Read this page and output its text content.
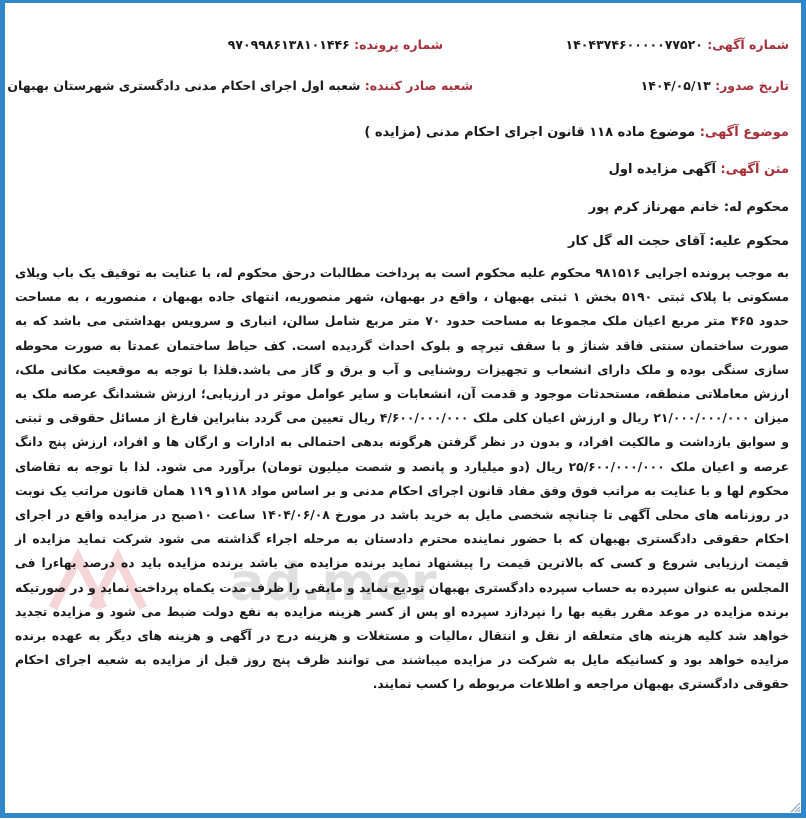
شماره آگهی: ۱۴۰۴۳۷۴۶۰۰۰۰۰۷۷۵۲۰
شماره پرونده: ۹۷۰۹۹۸۶۱۳۸۱۰۱۴۴۶
تاریخ صدور: ۱۴۰۴/۰۵/۱۳
شعبه صادر کننده: شعبه اول اجرای احکام مدنی دادگستری شهرستان بهبهان
موضوع آگهی: موضوع ماده ۱۱۸ قانون اجرای احکام مدنی (مزایده )
متن آگهی: آگهی مزایده اول
محکوم له: خانم مهرناز کرم پور
محکوم علیه: آقای حجت اله گل کار
ad.mer
به موجب پرونده اجرایی ۹۸۱۵۱۶ محکوم علیه محکوم است به پرداخت مطالبات درحق محکوم له، با عنایت به توقیف یک باب ویلای مسکونی با پلاک ثبتی ۵۱۹۰ بخش ۱ ثبتی بهبهان ، واقع در بهبهان، شهر منصوریه، انتهای جاده بهبهان ، منصوریه ، به مساحت حدود ۴۶۵ متر مربع اعیان ملک مجموعا به مساحت حدود ۷۰ متر مربع شامل سالن، انباری و سرویس بهداشتی می باشد که به صورت ساختمان سنتی فاقد شناژ و با سقف تیرچه و بلوک احداث گردیده است. کف حیاط ساختمان عمدتا به صورت محوطه سازی سنگی بوده و ملک دارای انشعاب و تجهیزات روشنایی و آب و برق و گاز می باشد.فلذا با توجه به موقعیت مکانی ملک، ارزش معاملاتی منطقه، مستحدثات موجود و قدمت آن، انشعابات و سایر عوامل موثر در ارزیابی؛ ارزش ششدانگ عرصه ملک به میزان ۲۱/۰۰۰/۰۰۰/۰۰۰ ریال و ارزش اعیان کلی ملک ۴/۶۰۰/۰۰۰/۰۰۰ ریال تعیین می گردد بنابراین فارغ از مسائل حقوقی و ثبتی و سوابق بازداشت و مالکیت افراد، و بدون در نظر گرفتن هرگونه بدهی احتمالی به ادارات و ارگان ها و افراد، ارزش پنج دانگ عرصه و اعیان ملک ۲۵/۶۰۰/۰۰۰/۰۰۰ ریال (دو میلیارد و پانصد و شصت میلیون تومان) برآورد می شود. لذا با توجه به تقاضای محکوم لها و با عنایت به مراتب فوق وفق مفاد قانون اجرای احکام مدنی و بر اساس مواد ۱۱۸و ۱۱۹ همان قانون مراتب یک نوبت در روزنامه های محلی آگهی تا چنانچه شخصی مایل به خرید باشد در مورخ ۱۴۰۴/۰۶/۰۸ ساعت ۱۰صبح در مزایده واقع در اجرای احکام حقوقی دادگستری بهبهان که با حضور نماینده محترم دادستان به مرحله اجراء گذاشته می شود شرکت نماید مزایده از قیمت ارزیابی شروع و کسی که بالاترین قیمت را پیشنهاد نماید برنده مزایده می باشد برنده مزایده باید ده درصد بهاءرا فی المجلس به عنوان سپرده به حساب سپرده دادگستری بهبهان تودیع نماید و مابقی را ظرف مدت یکماه پرداخت نماید و در صورتیکه برنده مزایده در موعد مقرر بقیه بها را نپردازد سپرده او پس از کسر هزینه مزایده به نفع دولت ضبط می شود و مزایده تجدید خواهد شد کلیه هزینه های متعلقه از نقل و انتقال ،مالیات و مستغلات و هزینه درج در آگهی و هزینه های دیگر به عهده برنده مزایده خواهد بود و کسانیکه مایل به شرکت در مزایده میباشند می توانند ظرف پنج روز قبل از مزایده به شعبه اجرای احکام حقوقی دادگستری بهبهان مراجعه و اطلاعات مربوطه را کسب نمایند.
